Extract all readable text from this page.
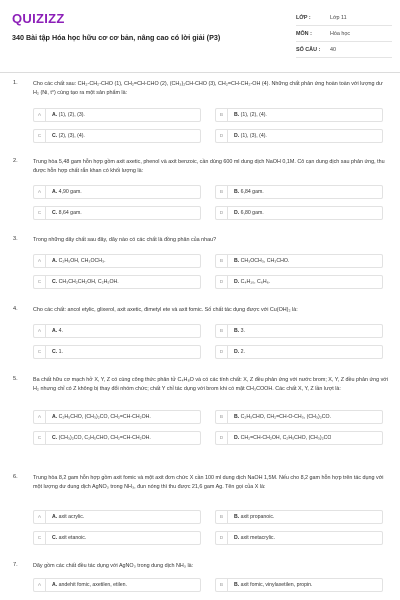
QUIZIZZ
340 Bài tập Hóa học hữu cơ cơ bản, nâng cao có lời giải (P3)
LỚP :	Lớp 11
MÔN :	Hóa học
SỐ CÂU :	40
1.	Cho các chất sau: CH₂-CH₂-CHO (1), CH₂=CH-CHO (2), (CH₃)₂CH-CHO (3), CH₂=CH-CH₂-OH (4). Những chất phản ứng hoàn toàn với lượng dư H₂ (Ni, t°) cùng tạo ra một sản phẩm là:
A	A. (1), (2), (3).	B	B. (1), (2), (4).
C	C. (2), (3), (4).	D	D. (1), (3), (4).
2.	Trung hòa 5,48 gam hỗn hợp gồm axit axetic, phenol và axit benzoic, cần dùng 600 ml dung dịch NaOH 0,1M. Cô cạn dung dịch sau phản ứng, thu được hỗn hợp chất rắn khan có khối lượng là:
A	A. 4,90 gam.	B	B. 6,84 gam.
C	C. 8,64 gam.	D	D. 6,80 gam.
3.	Trong những dãy chất sau đây, dãy nào có các chất là đồng phân của nhau?
A	A. C₂H₅OH, CH₃OCH₃.	B	B. CH₃OCH₃, CH₃CHO.
C	C. CH₃CH₂CH₂OH, C₂H₅OH.	D	D. C₄H₁₀, C₆H₆.
4.	Cho các chất: ancol etylic, glixerol, axit axetic, đimetyl ete và axit fomic. Số chất tác dụng được với Cu(OH)₂ là:
A	A. 4.	B	B. 3.
C	C. 1.	D	D. 2.
5.	Ba chất hữu cơ mạch hở X, Y, Z có cùng công thức phân tử C₄H₈O và có các tính chất: X, Z đều phản ứng với nước brom; X, Y, Z đều phản ứng với H₂ nhưng chỉ có Z không bị thay đổi nhóm chức; chất Y chỉ tác dụng với brom khi có mặt CH₃COOH. Các chất X, Y, Z lần lượt là:
A	A. C₂H₅CHO, (CH₃)₂CO, CH₂=CH-CH₂OH.	B	B. C₂H₅CHO, CH₂=CH-O-CH₃, (CH₃)₂CO.
C	C. (CH₃)₂CO, C₂H₅CHO, CH₂=CH-CH₂OH.	D	D. CH₂=CH-CH₂OH, C₂H₅CHO, (CH₃)₂CO
6.	Trung hòa 8,2 gam hỗn hợp gồm axit fomic và một axit đơn chức X cần 100 ml dung dịch NaOH 1,5M. Nếu cho 8,2 gam hỗn hợp trên tác dụng với một lượng dư dung dịch AgNO₃ trong NH₃, đun nóng thì thu được 21,6 gam Ag. Tên gọi của X là:
A	A. axit acrylic.	B	B. axit propanoic.
C	C. axit etanoic.	D	D. axit metacrylic.
7.	Dãy gồm các chất đều tác dụng với AgNO₃ trong dung dịch NH₃ là:
A	A. andehit fomic, axetilen, etilen.	B	B. axit fomic, vinylaxetilen, propin.
